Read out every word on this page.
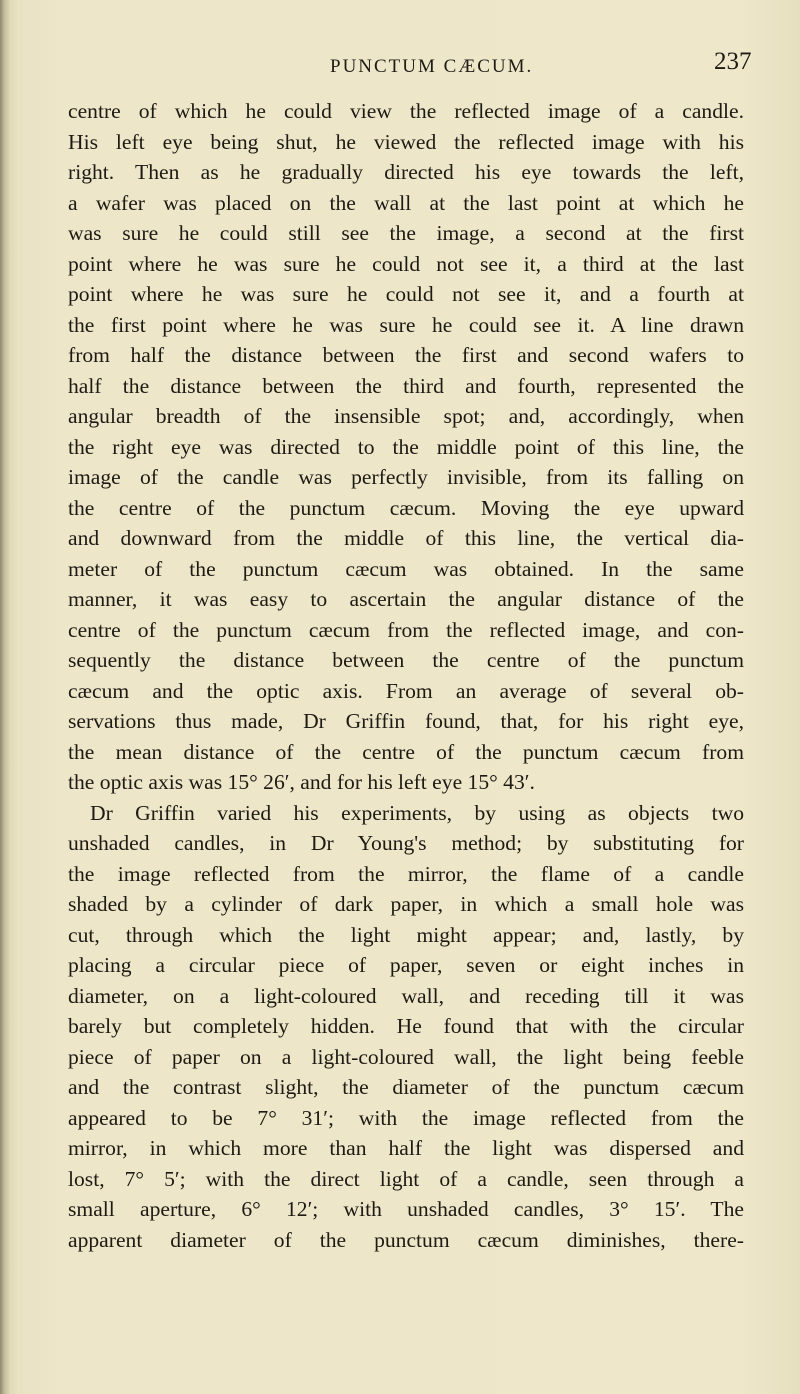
PUNCTUM CÆCUM.	237
centre of which he could view the reflected image of a candle.
His left eye being shut, he viewed the reflected image with his
right. Then as he gradually directed his eye towards the left,
a wafer was placed on the wall at the last point at which he
was sure he could still see the image, a second at the first
point where he was sure he could not see it, a third at the last
point where he was sure he could not see it, and a fourth at
the first point where he was sure he could see it. A line drawn
from half the distance between the first and second wafers to
half the distance between the third and fourth, represented the
angular breadth of the insensible spot; and, accordingly, when
the right eye was directed to the middle point of this line, the
image of the candle was perfectly invisible, from its falling on
the centre of the punctum cæcum. Moving the eye upward
and downward from the middle of this line, the vertical dia-
meter of the punctum cæcum was obtained. In the same
manner, it was easy to ascertain the angular distance of the
centre of the punctum cæcum from the reflected image, and con-
sequently the distance between the centre of the punctum
cæcum and the optic axis. From an average of several ob-
servations thus made, Dr Griffin found, that, for his right eye,
the mean distance of the centre of the punctum cæcum from
the optic axis was 15° 26′, and for his left eye 15° 43′.
Dr Griffin varied his experiments, by using as objects two
unshaded candles, in Dr Young's method; by substituting for
the image reflected from the mirror, the flame of a candle
shaded by a cylinder of dark paper, in which a small hole was
cut, through which the light might appear; and, lastly, by
placing a circular piece of paper, seven or eight inches in
diameter, on a light-coloured wall, and receding till it was
barely but completely hidden. He found that with the circular
piece of paper on a light-coloured wall, the light being feeble
and the contrast slight, the diameter of the punctum cæcum
appeared to be 7° 31′; with the image reflected from the
mirror, in which more than half the light was dispersed and
lost, 7° 5′; with the direct light of a candle, seen through a
small aperture, 6° 12′; with unshaded candles, 3° 15′. The
apparent diameter of the punctum cæcum diminishes, there-
